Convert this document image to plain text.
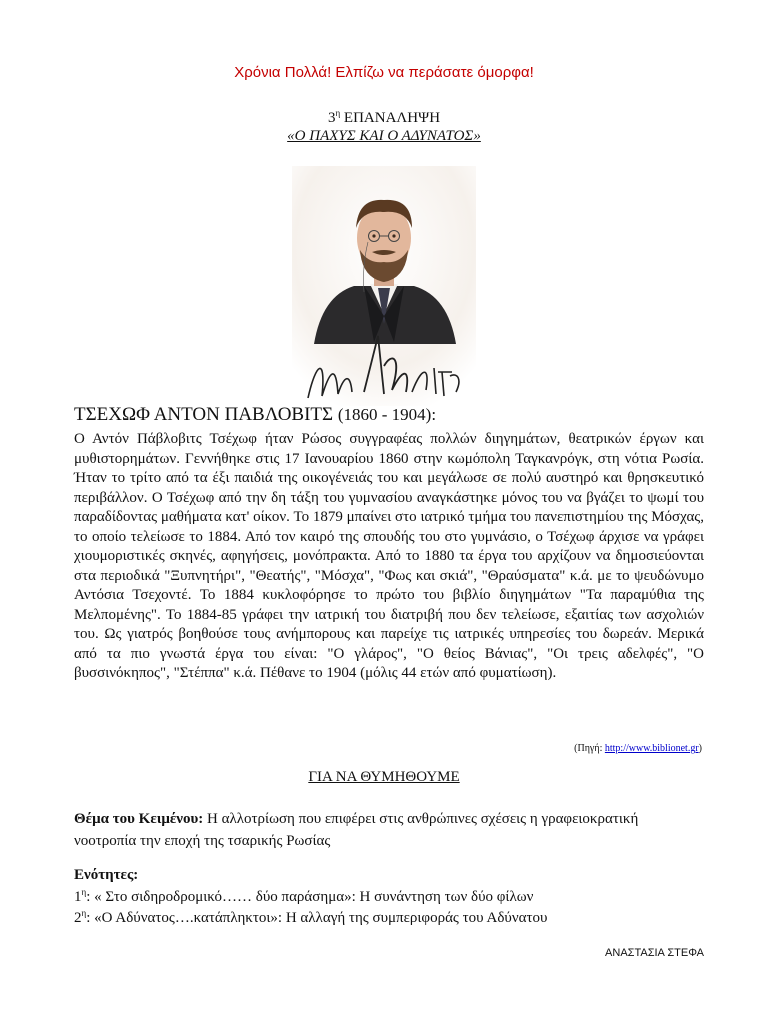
Χρόνια Πολλά! Ελπίζω να περάσατε όμορφα!
$3^\eta$ ΕΠΑΝΑΛΗΨΗ
«Ο ΠΑΧΥΣ ΚΑΙ Ο ΑΔΥΝΑΤΟΣ»
ΤΣΕΧΩΦ ΑΝΤΟΝ ΠΑΒΛΟΒΙΤΣ (1860 - 1904):
Ο Αντόν Πάβλοβιτς Τσέχωφ ήταν Ρώσος συγγραφέας πολλών διηγημάτων, θεατρικών έργων και μυθιστορημάτων. Γεννήθηκε στις 17 Ιανουαρίου 1860 στην κωμόπολη Ταγκανρόγκ, στη νότια Ρωσία. Ήταν το τρίτο από τα έξι παιδιά της οικογένειάς του και μεγάλωσε σε πολύ αυστηρό και θρησκευτικό περιβάλλον. Ο Τσέχωφ από την δη τάξη του γυμνασίου αναγκάστηκε μόνος του να βγάζει το ψωμί του παραδίδοντας μαθήματα κατ' οίκον. Το 1879 μπαίνει στο ιατρικό τμήμα του πανεπιστημίου της Μόσχας, το οποίο τελείωσε το 1884. Από τον καιρό της σπουδής του στο γυμνάσιο, ο Τσέχωφ άρχισε να γράφει χιουμοριστικές σκηνές, αφηγήσεις, μονόπρακτα. Από το 1880 τα έργα του αρχίζουν να δημοσιεύονται στα περιοδικά "Ξυπνητήρι", "Θεατής", "Μόσχα", "Φως και σκιά", "Θραύσματα" κ.ά. με το ψευδώνυμο Αντόσια Τσεχοντέ. Το 1884 κυκλοφόρησε το πρώτο του βιβλίο διηγημάτων "Τα παραμύθια της Μελπομένης". Το 1884-85 γράφει την ιατρική του διατριβή που δεν τελείωσε, εξαιτίας των ασχολιών του. Ως γιατρός βοηθούσε τους ανήμπορους και παρείχε τις ιατρικές υπηρεσίες του δωρεάν. Μερικά από τα πιο γνωστά έργα του είναι: "Ο γλάρος", "Ο θείος Βάνιας", "Οι τρεις αδελφές", "Ο βυσσινόκηπος", "Στέππα" κ.ά. Πέθανε το 1904 (μόλις 44 ετών από φυματίωση).
(Πηγή: http://www.biblionet.gr)
ΓΙΑ ΝΑ ΘΥΜΗΘΟΥΜΕ
Θέμα του Κειμένου: Η αλλοτρίωση που επιφέρει στις ανθρώπινες σχέσεις η γραφειοκρατική νοοτροπία την εποχή της τσαρικής Ρωσίας
Ενότητες:
$1^\eta$: « Στο σιδηροδρομικό…… δύο παράσημα»: Η συνάντηση των δύο φίλων
$2^\eta$: «Ο Αδύνατος….κατάπληκτοι»: Η αλλαγή της συμπεριφοράς του Αδύνατου
ΑΝΑΣΤΑΣΙΑ ΣΤΕΦΑ
